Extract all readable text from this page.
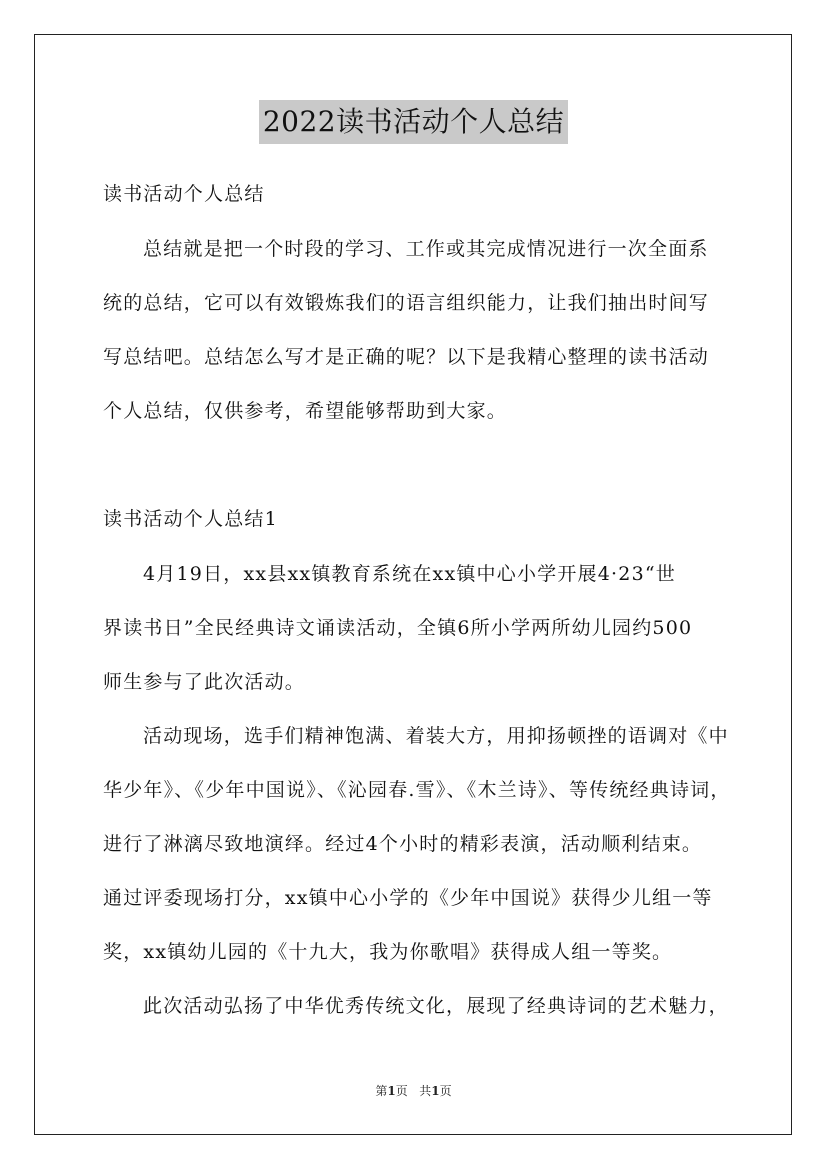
2022读书活动个人总结
读书活动个人总结
总结就是把一个时段的学习、工作或其完成情况进行一次全面系
统的总结，它可以有效锻炼我们的语言组织能力，让我们抽出时间写
写总结吧。总结怎么写才是正确的呢？以下是我精心整理的读书活动
个人总结，仅供参考，希望能够帮助到大家。
读书活动个人总结1
4月19日，xx县xx镇教育系统在xx镇中心小学开展4·23“世
界读书日”全民经典诗文诵读活动，全镇6所小学两所幼儿园约500
师生参与了此次活动。
活动现场，选手们精神饱满、着装大方，用抑扬顿挫的语调对《中
华少年》、《少年中国说》、《沁园春.雪》、《木兰诗》、等传统经典诗词，
进行了淋漓尽致地演绎。经过4个小时的精彩表演，活动顺利结束。
通过评委现场打分，xx镇中心小学的《少年中国说》获得少儿组一等
奖，xx镇幼儿园的《十九大，我为你歌唱》获得成人组一等奖。
此次活动弘扬了中华优秀传统文化，展现了经典诗词的艺术魅力，
第1页 共1页
